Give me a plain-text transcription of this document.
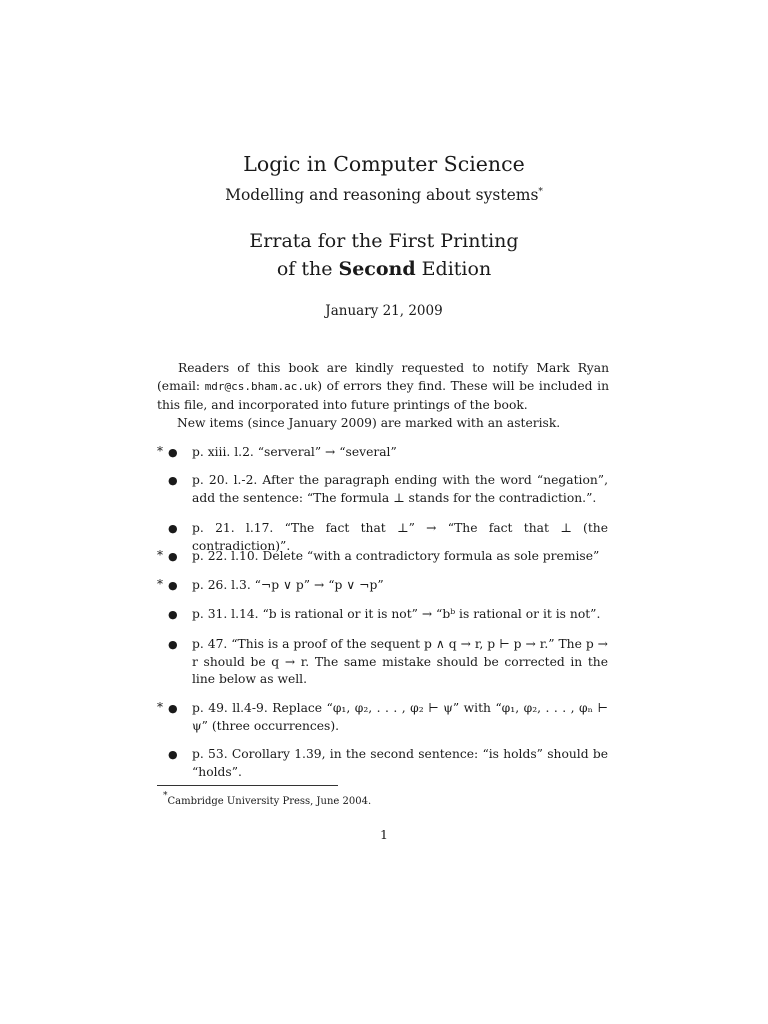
Logic in Computer Science
Modelling and reasoning about systems*
Errata for the First Printing
of the Second Edition
January 21, 2009

Readers of this book are kindly requested to notify Mark Ryan (email: mdr@cs.bham.ac.uk) of errors they find. These will be included in this file, and incorporated into future printings of the book.

New items (since January 2009) are marked with an asterisk.

* ● p. xiii. l.2. “serveral” → “several”
● p. 20. l.-2. After the paragraph ending with the word “negation”, add the sentence: “The formula ⊥ stands for the contradiction.”.
● p. 21. l.17. “The fact that ⊥” → “The fact that ⊥ (the contradiction)”.
* ● p. 22. l.10. Delete “with a contradictory formula as sole premise”
* ● p. 26. l.3. “¬p ∨ p” → “p ∨ ¬p”
● p. 31. l.14. “b is rational or it is not” → “bᵇ is rational or it is not”.
● p. 47. “This is a proof of the sequent p ∧ q → r, p ⊢ p → r.” The p → r should be q → r. The same mistake should be corrected in the line below as well.
* ● p. 49. ll.4-9. Replace “φ₁, φ₂, . . . , φ₂ ⊢ ψ” with “φ₁, φ₂, . . . , φₙ ⊢ ψ” (three occurrences).
● p. 53. Corollary 1.39, in the second sentence: “is holds” should be “holds”.
*Cambridge University Press, June 2004.
1
